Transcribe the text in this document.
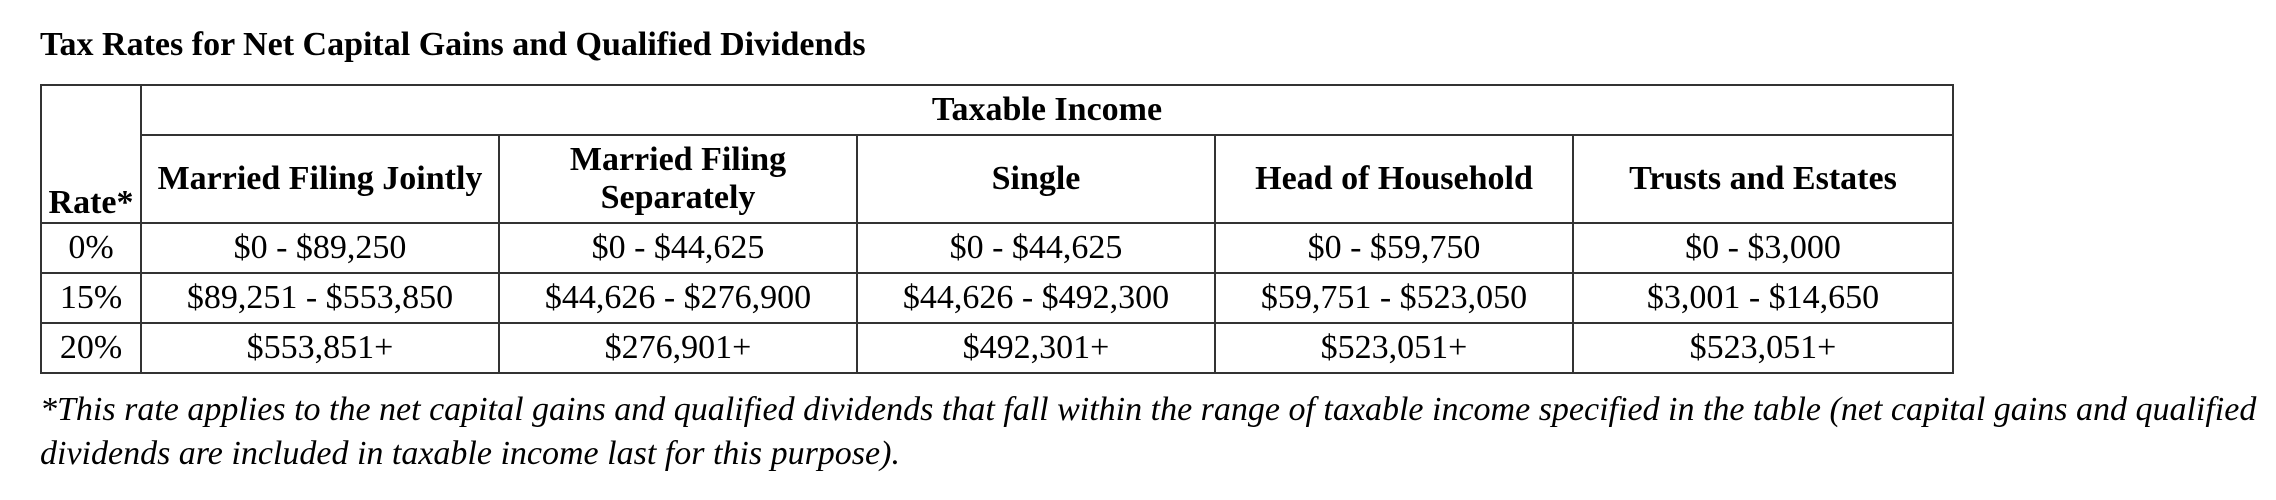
Tax Rates for Net Capital Gains and Qualified Dividends
Rate*	Taxable Income				
	Married Filing Jointly	Married Filing Separately	Single	Head of Household	Trusts and Estates
0%	$0 - $89,250	$0 - $44,625	$0 - $44,625	$0 - $59,750	$0 - $3,000
15%	$89,251 - $553,850	$44,626 - $276,900	$44,626 - $492,300	$59,751 - $523,050	$3,001 - $14,650
20%	$553,851+	$276,901+	$492,301+	$523,051+	$523,051+
*This rate applies to the net capital gains and qualified dividends that fall within the range of taxable income specified in the table (net capital gains and qualified dividends are included in taxable income last for this purpose).
